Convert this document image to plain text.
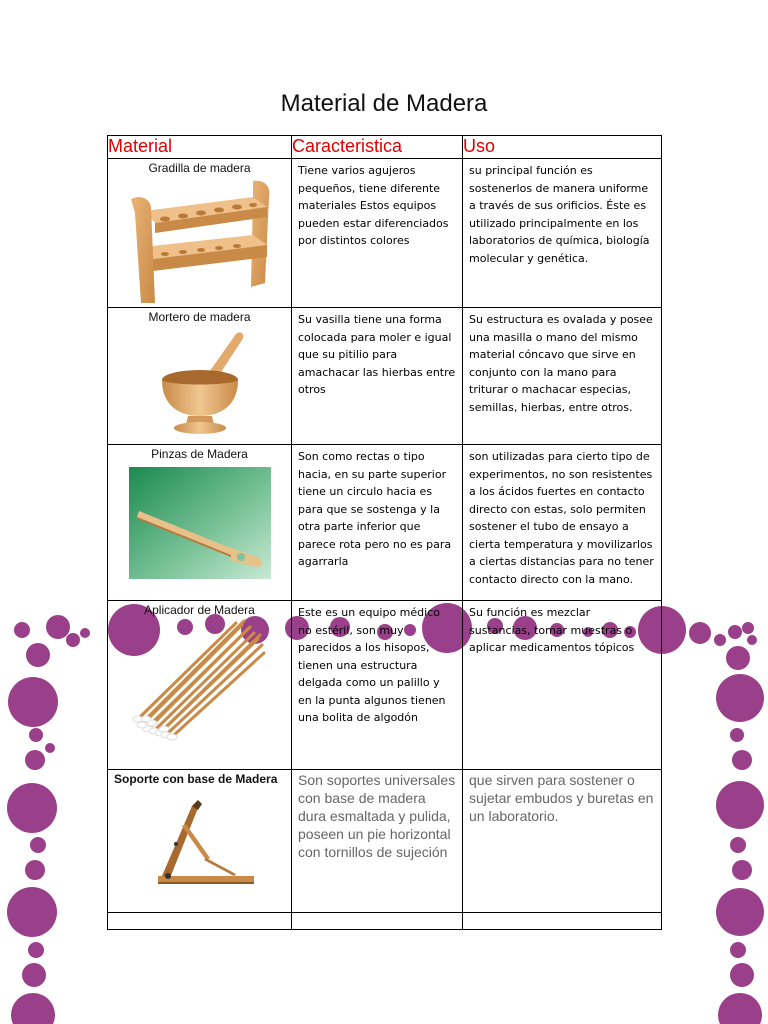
Material de Madera
Material	Caracteristica	Uso

Gradilla de madera	Tiene varios agujeros pequeños, tiene diferente materiales Estos equipos pueden estar diferenciados por distintos colores	su principal función es sostenerlos de manera uniforme a través de sus orificios. Éste es utilizado principalmente en los laboratorios de química, biología molecular y genética.

Mortero de madera	Su vasilla tiene una forma colocada para moler e igual que su pitilio para amachacar las hierbas entre otros	Su estructura es ovalada y posee una masilla o mano del mismo material cóncavo que sirve en conjunto con la mano para triturar o machacar especias, semillas, hierbas, entre otros.

Pinzas de Madera	Son como rectas o tipo hacia, en su parte superior tiene un circulo hacia es para que se sostenga y la otra parte inferior que parece rota pero no es para agarrarla	son utilizadas para cierto tipo de experimentos, no son resistentes a los ácidos fuertes en contacto directo con estas, solo permiten sostener el tubo de ensayo a cierta temperatura y movilizarlos a ciertas distancias para no tener contacto directo con la mano.

Aplicador de Madera	Este es un equipo médico no estéril, son muy parecidos a los hisopos, tienen una estructura delgada como un palillo y en la punta algunos tienen una bolita de algodón	Su función es mezclar sustancias, tomar muestras o aplicar medicamentos tópicos

Soporte con base de Madera	Son soportes universales con base de madera dura esmaltada y pulida, poseen un pie horizontal con tornillos de sujeción	que sirven para sostener o sujetar embudos y buretas en un laboratorio.
